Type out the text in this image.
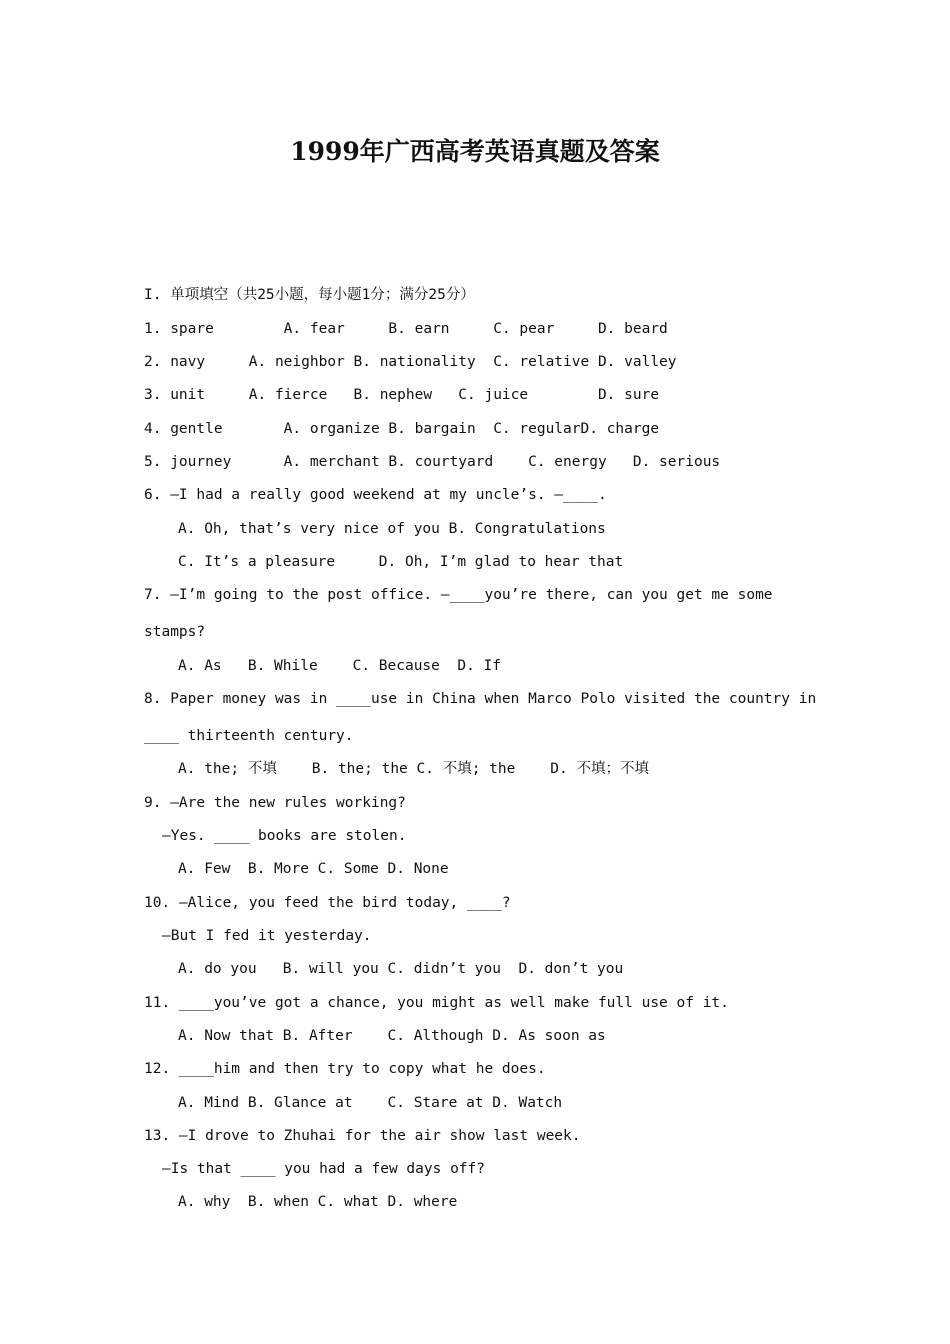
1999年广西高考英语真题及答案
I. 单项填空（共25小题，每小题1分；满分25分）
1. spare        A. fear     B. earn     C. pear     D. beard
2. navy     A. neighbor B. nationality  C. relative D. valley
3. unit     A. fierce   B. nephew   C. juice        D. sure
4. gentle       A. organize B. bargain  C. regularD. charge
5. journey      A. merchant B. courtyard    C. energy   D. serious
6. —I had a really good weekend at my uncle’s. —____.
A. Oh, that’s very nice of you B. Congratulations
C. It’s a pleasure     D. Oh, I’m glad to hear that
7. —I’m going to the post office. —____you’re there, can you get me some
stamps?
A. As   B. While    C. Because  D. If
8. Paper money was in ____use in China when Marco Polo visited the country in
____ thirteenth century.
A. the; 不填    B. the; the C. 不填; the    D. 不填；不填
9. —Are the new rules working?
—Yes. ____ books are stolen.
A. Few  B. More C. Some D. None
10. —Alice, you feed the bird today, ____?
—But I fed it yesterday.
A. do you   B. will you C. didn’t you  D. don’t you
11. ____you’ve got a chance, you might as well make full use of it.
A. Now that B. After    C. Although D. As soon as
12. ____him and then try to copy what he does.
A. Mind B. Glance at    C. Stare at D. Watch
13. —I drove to Zhuhai for the air show last week.
—Is that ____ you had a few days off?
A. why  B. when C. what D. where
